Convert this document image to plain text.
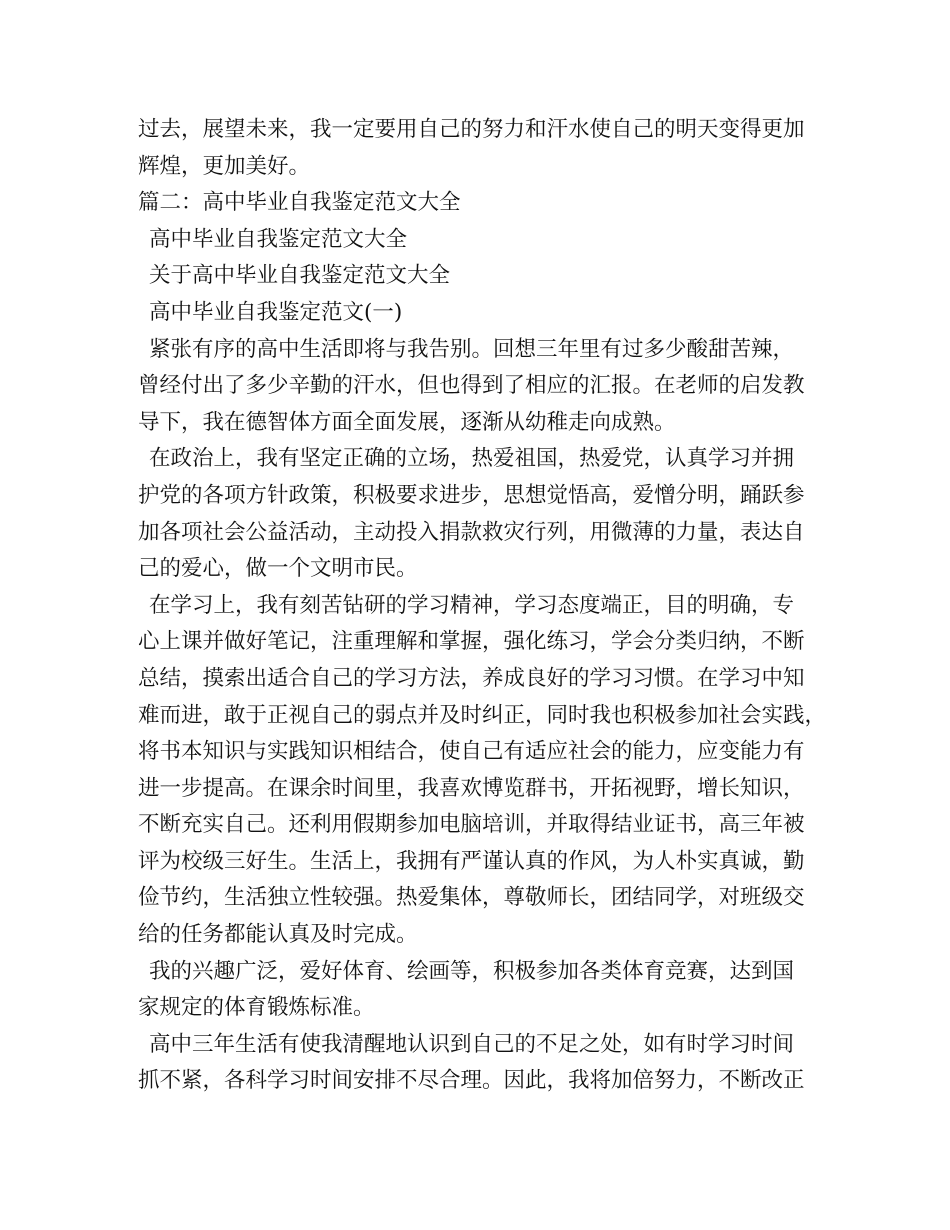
过去，展望未来，我一定要用自己的努力和汗水使自己的明天变得更加
辉煌，更加美好。
篇二：高中毕业自我鉴定范文大全
高中毕业自我鉴定范文大全
关于高中毕业自我鉴定范文大全
高中毕业自我鉴定范文(一)
紧张有序的高中生活即将与我告别。回想三年里有过多少酸甜苦辣，
曾经付出了多少辛勤的汗水，但也得到了相应的汇报。在老师的启发教
导下，我在德智体方面全面发展，逐渐从幼稚走向成熟。
在政治上，我有坚定正确的立场，热爱祖国，热爱党，认真学习并拥
护党的各项方针政策，积极要求进步，思想觉悟高，爱憎分明，踊跃参
加各项社会公益活动，主动投入捐款救灾行列，用微薄的力量，表达自
己的爱心，做一个文明市民。
在学习上，我有刻苦钻研的学习精神，学习态度端正，目的明确，专
心上课并做好笔记，注重理解和掌握，强化练习，学会分类归纳，不断
总结，摸索出适合自己的学习方法，养成良好的学习习惯。在学习中知
难而进，敢于正视自己的弱点并及时纠正，同时我也积极参加社会实践，
将书本知识与实践知识相结合，使自己有适应社会的能力，应变能力有
进一步提高。在课余时间里，我喜欢博览群书，开拓视野，增长知识，
不断充实自己。还利用假期参加电脑培训，并取得结业证书，高三年被
评为校级三好生。生活上，我拥有严谨认真的作风，为人朴实真诚，勤
俭节约，生活独立性较强。热爱集体，尊敬师长，团结同学，对班级交
给的任务都能认真及时完成。
我的兴趣广泛，爱好体育、绘画等，积极参加各类体育竞赛，达到国
家规定的体育锻炼标准。
高中三年生活有使我清醒地认识到自己的不足之处，如有时学习时间
抓不紧，各科学习时间安排不尽合理。因此，我将加倍努力，不断改正
